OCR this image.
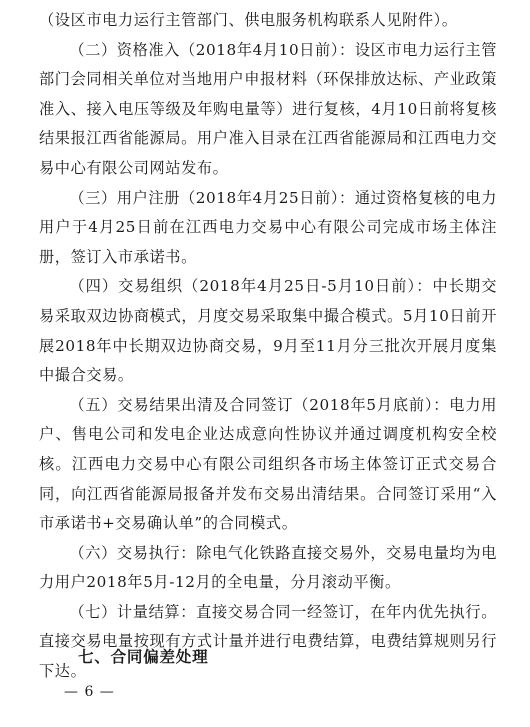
（设区市电力运行主管部门、供电服务机构联系人见附件）。

（二）资格准入（2018年4月10日前）：设区市电力运行主管部门会同相关单位对当地用户申报材料（环保排放达标、产业政策准入、接入电压等级及年购电量等）进行复核，4月10日前将复核结果报江西省能源局。用户准入目录在江西省能源局和江西电力交易中心有限公司网站发布。

（三）用户注册（2018年4月25日前）：通过资格复核的电力用户于4月25日前在江西电力交易中心有限公司完成市场主体注册，签订入市承诺书。

（四）交易组织（2018年4月25日-5月10日前）：中长期交易采取双边协商模式，月度交易采取集中撮合模式。5月10日前开展2018年中长期双边协商交易，9月至11月分三批次开展月度集中撮合交易。

（五）交易结果出清及合同签订（2018年5月底前）：电力用户、售电公司和发电企业达成意向性协议并通过调度机构安全校核。江西电力交易中心有限公司组织各市场主体签订正式交易合同，向江西省能源局报备并发布交易出清结果。合同签订采用“入市承诺书+交易确认单”的合同模式。

（六）交易执行：除电气化铁路直接交易外，交易电量均为电力用户2018年5月-12月的全电量，分月滚动平衡。

（七）计量结算：直接交易合同一经签订，在年内优先执行。直接交易电量按现有方式计量并进行电费结算，电费结算规则另行下达。

七、合同偏差处理

— 6 —
